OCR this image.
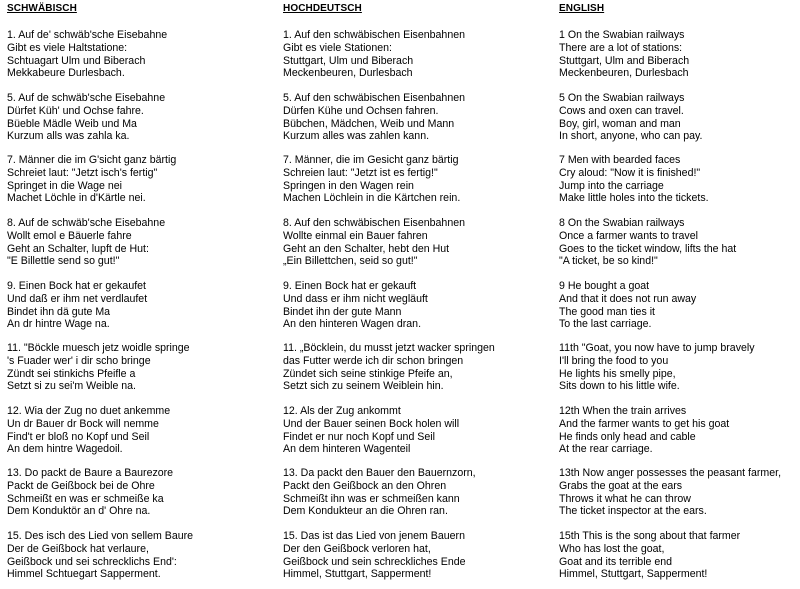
SCHWÄBISCH
1. Auf de' schwäb'sche Eisebahne
Gibt es viele Haltstatione:
Schtuagart Ulm und Biberach
Mekkabeure Durlesbach.
5. Auf de schwäb'sche Eisebahne
Dürfet Küh' und Ochse fahre.
Büeble Mädle Weib und Ma
Kurzum alls was zahla ka.
7. Männer die im G'sicht ganz bärtig
Schreiet laut: "Jetzt isch's fertig"
Springet in die Wage nei
Machet Löchle in d'Kärtle nei.
8. Auf de schwäb'sche Eisebahne
Wollt emol e Bäuerle fahre
Geht an Schalter, lupft de Hut:
"E Billettle send so gut!"
9. Einen Bock hat er gekaufet
Und daß er ihm net verdlaufet
Bindet ihn dä gute Ma
An dr hintre Wage na.
11. "Böckle muesch jetz woidle springe
's Fuader wer' i dir scho bringe
Zündt sei stinkichs Pfeifle a
Setzt si zu sei'm Weible na.
12. Wia der Zug no duet ankemme
Un dr Bauer dr Bock will nemme
Find't er bloß no Kopf und Seil
An dem hintre Wagedoil.
13. Do packt de Baure a Baurezore
Packt de Geißbock bei de Ohre
Schmeißt en was er schmeiße ka
Dem Konduktör an d' Ohre na.
15. Des isch des Lied von sellem Baure
Der de Geißbock hat verlaure,
Geißbock und sei schrecklichs End':
Himmel Schtuegart Sapperment.
HOCHDEUTSCH
1. Auf den schwäbischen Eisenbahnen
Gibt es viele Stationen:
Stuttgart, Ulm und Biberach
Meckenbeuren, Durlesbach
5. Auf den schwäbischen Eisenbahnen
Dürfen Kühe und Ochsen fahren.
Bübchen, Mädchen, Weib und Mann
Kurzum alles was zahlen kann.
7. Männer, die im Gesicht ganz bärtig
Schreien laut: "Jetzt ist es fertig!"
Springen in den Wagen rein
Machen Löchlein in die Kärtchen rein.
8. Auf den schwäbischen Eisenbahnen
Wollte einmal ein Bauer fahren
Geht an den Schalter, hebt den Hut
„Ein Billettchen, seid so gut!"
9. Einen Bock hat er gekauft
Und dass er ihm nicht wegläuft
Bindet ihn der gute Mann
An den hinteren Wagen dran.
11. „Böcklein, du musst jetzt wacker springen
das Futter werde ich dir schon bringen
Zündet sich seine stinkige Pfeife an,
Setzt sich zu seinem Weiblein hin.
12. Als der Zug ankommt
Und der Bauer seinen Bock holen will
Findet er nur noch Kopf und Seil
An dem hinteren Wagenteil
13. Da packt den Bauer den Bauernzorn,
Packt den Geißbock an den Ohren
Schmeißt ihn was er schmeißen kann
Dem Kondukteur an die Ohren ran.
15. Das ist das Lied von jenem Bauern
Der den Geißbock verloren hat,
Geißbock und sein schreckliches Ende
Himmel, Stuttgart, Sapperment!
ENGLISH
1 On the Swabian railways
There are a lot of stations:
Stuttgart, Ulm and Biberach
Meckenbeuren, Durlesbach
5 On the Swabian railways
Cows and oxen can travel.
Boy, girl, woman and man
In short, anyone, who can pay.
7 Men with bearded faces
Cry aloud: "Now it is finished!"
Jump into the carriage
Make little holes into the tickets.
8 On the Swabian railways
Once a farmer wants to travel
Goes to the ticket window, lifts the hat
"A ticket, be so kind!"
9 He bought a goat
And that it does not run away
The good man ties it
To the last carriage.
11th "Goat, you now have to jump bravely
I'll bring the food to you
He lights his smelly pipe,
Sits down to his little wife.
12th When the train arrives
And the farmer wants to get his goat
He finds only head and cable
At the rear carriage.
13th Now anger possesses the peasant farmer,
Grabs the goat at the ears
Throws it what he can throw
The ticket inspector at the ears.
15th This is the song about that farmer
Who has lost the goat,
Goat and its terrible end
Himmel, Stuttgart, Sapperment!
